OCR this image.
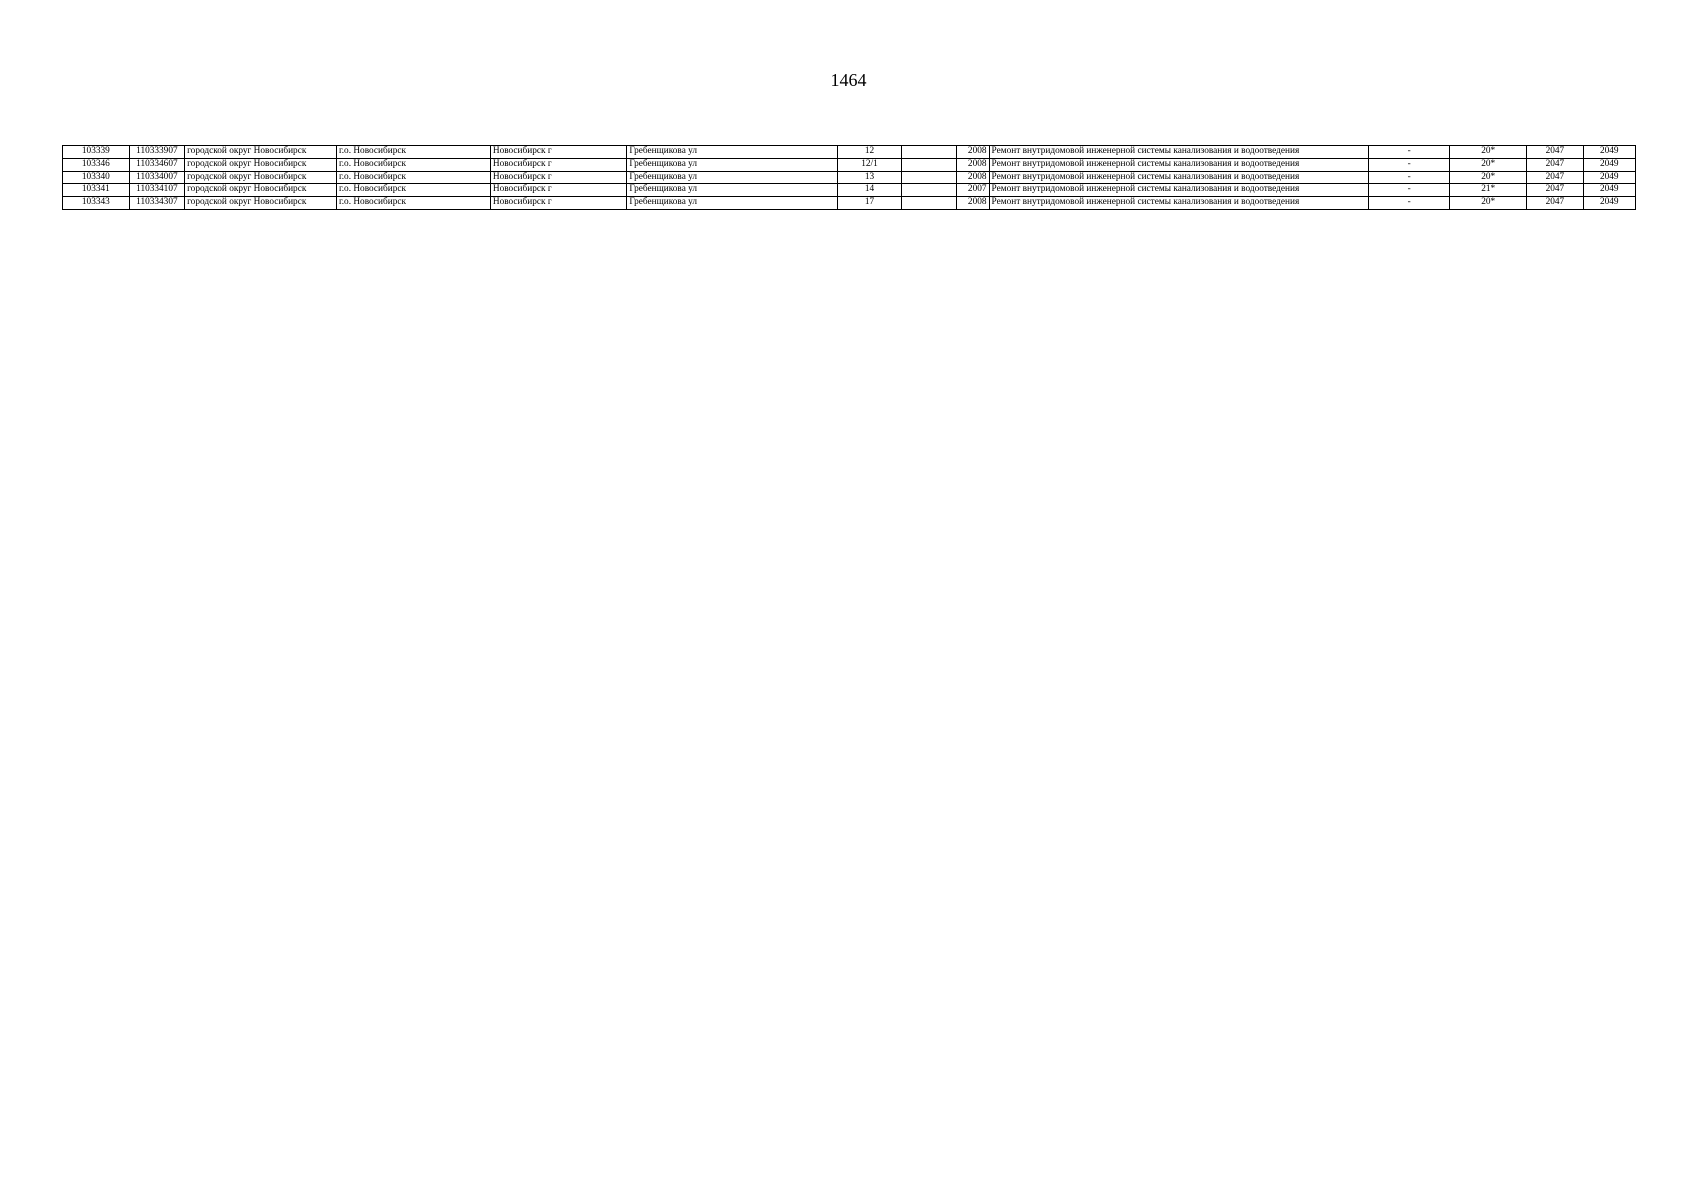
1464
103339	110333907	городской округ Новосибирск	г.о. Новосибирск	Новосибирск г	Гребенщикова ул	12		2008	Ремонт внутридомовой инженерной системы канализования и водоотведения	-	20*	2047	2049
103346	110334607	городской округ Новосибирск	г.о. Новосибирск	Новосибирск г	Гребенщикова ул	12/1		2008	Ремонт внутридомовой инженерной системы канализования и водоотведения	-	20*	2047	2049
103340	110334007	городской округ Новосибирск	г.о. Новосибирск	Новосибирск г	Гребенщикова ул	13		2008	Ремонт внутридомовой инженерной системы канализования и водоотведения	-	20*	2047	2049
103341	110334107	городской округ Новосибирск	г.о. Новосибирск	Новосибирск г	Гребенщикова ул	14		2007	Ремонт внутридомовой инженерной системы канализования и водоотведения	-	21*	2047	2049
103343	110334307	городской округ Новосибирск	г.о. Новосибирск	Новосибирск г	Гребенщикова ул	17		2008	Ремонт внутридомовой инженерной системы канализования и водоотведения	-	20*	2047	2049
